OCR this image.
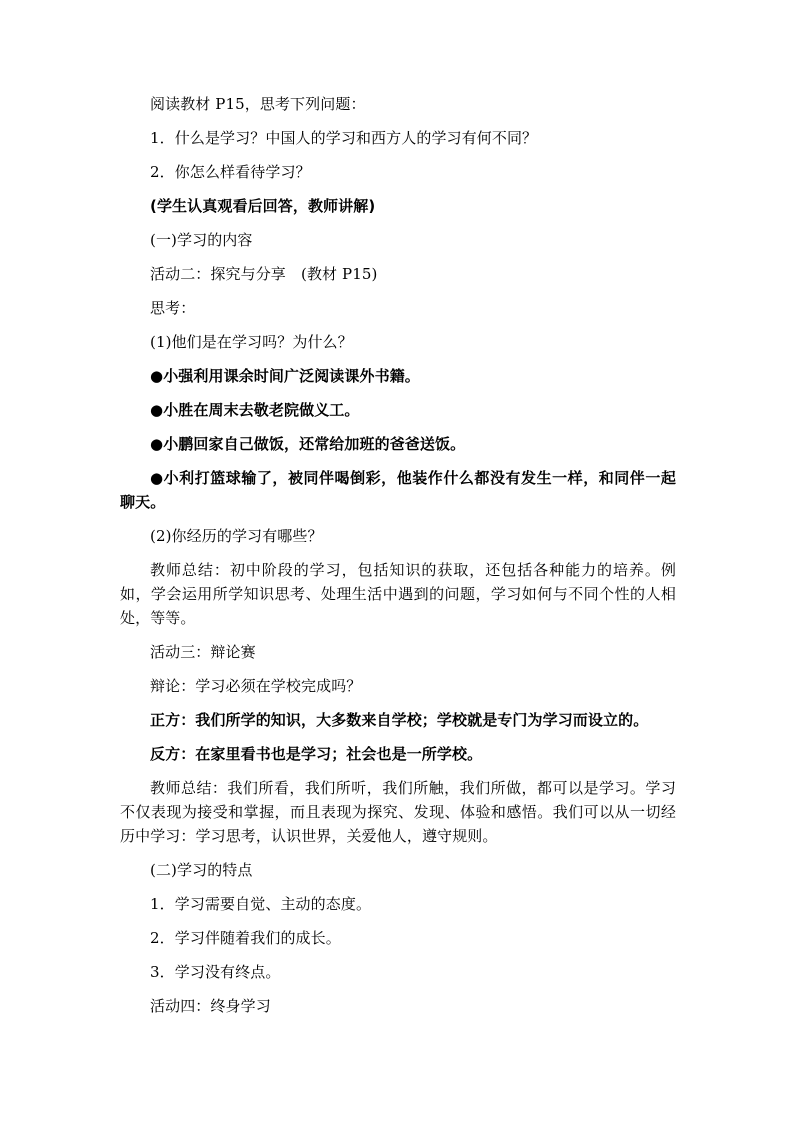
阅读教材 P15，思考下列问题：

1．什么是学习？中国人的学习和西方人的学习有何不同？

2．你怎么样看待学习？

(学生认真观看后回答，教师讲解)

(一)学习的内容

活动二：探究与分享　(教材 P15)

思考：

(1)他们是在学习吗？为什么？

●小强利用课余时间广泛阅读课外书籍。

●小胜在周末去敬老院做义工。

●小鹏回家自己做饭，还常给加班的爸爸送饭。

●小利打篮球输了，被同伴喝倒彩，他装作什么都没有发生一样，和同伴一起聊天。

(2)你经历的学习有哪些？

教师总结：初中阶段的学习，包括知识的获取，还包括各种能力的培养。例如，学会运用所学知识思考、处理生活中遇到的问题，学习如何与不同个性的人相处，等等。

活动三：辩论赛

辩论：学习必须在学校完成吗？

正方：我们所学的知识，大多数来自学校；学校就是专门为学习而设立的。

反方：在家里看书也是学习；社会也是一所学校。

教师总结：我们所看，我们所听，我们所触，我们所做，都可以是学习。学习不仅表现为接受和掌握，而且表现为探究、发现、体验和感悟。我们可以从一切经历中学习：学习思考，认识世界，关爱他人，遵守规则。

(二)学习的特点

1．学习需要自觉、主动的态度。

2．学习伴随着我们的成长。

3．学习没有终点。

活动四：终身学习
